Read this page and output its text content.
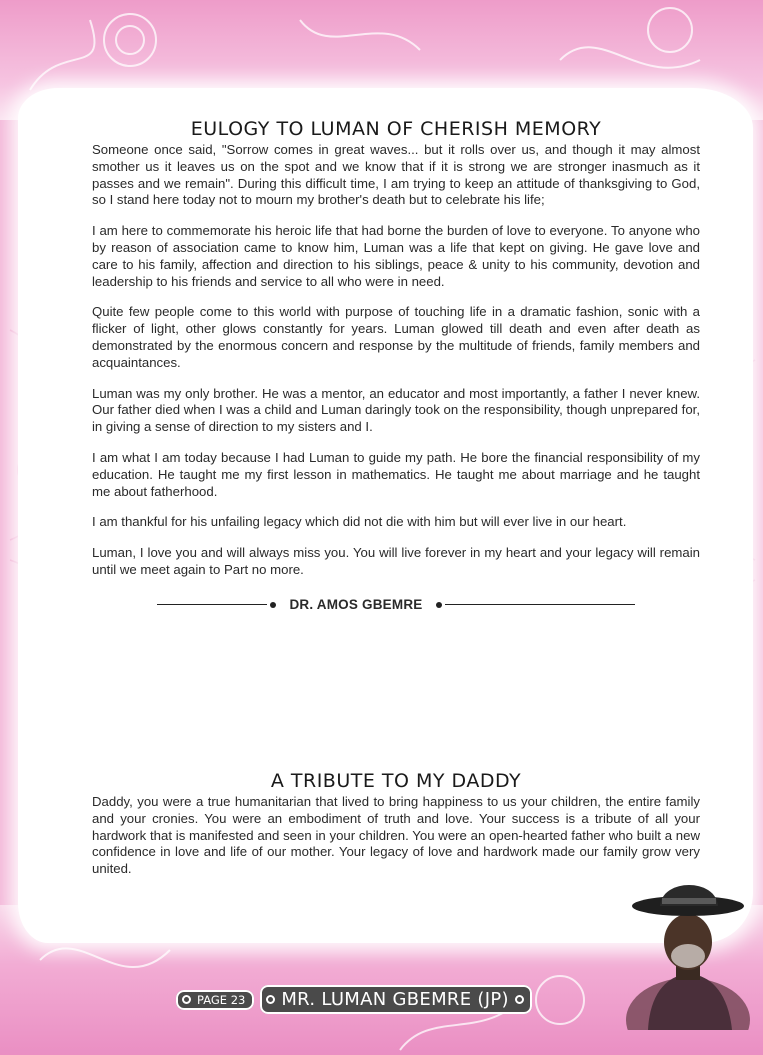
EULOGY TO LUMAN OF CHERISH MEMORY

Someone once said, "Sorrow comes in great waves... but it rolls over us, and though it may almost smother us it leaves us on the spot and we know that if it is strong we are stronger inasmuch as it passes and we remain". During this difficult time, I am trying to keep an attitude of thanksgiving to God, so I stand here today not to mourn my brother's death but to celebrate his life;

I am here to commemorate his heroic life that had borne the burden of love to everyone. To anyone who by reason of association came to know him, Luman was a life that kept on giving. He gave love and care to his family, affection and direction to his siblings, peace & unity to his community, devotion and leadership to his friends and service to all who were in need.

Quite few people come to this world with purpose of touching life in a dramatic fashion, sonic with a flicker of light, other glows constantly for years. Luman glowed till death and even after death as demonstrated by the enormous concern and response by the multitude of friends, family members and acquaintances.

Luman was my only brother. He was a mentor, an educator and most importantly, a father I never knew. Our father died when I was a child and Luman daringly took on the responsibility, though unprepared for, in giving a sense of direction to my sisters and I.

I am what I am today because I had Luman to guide my path. He bore the financial responsibility of my education. He taught me my first lesson in mathematics. He taught me about marriage and he taught me about fatherhood.

I am thankful for his unfailing legacy which did not die with him but will ever live in our heart.

Luman, I love you and will always miss you. You will live forever in my heart and your legacy will remain until we meet again to Part no more.

DR. AMOS GBEMRE
A TRIBUTE TO MY DADDY

Daddy, you were a true humanitarian that lived to bring happiness to us your children, the entire family and your cronies. You were an embodiment of truth and love. Your success is a tribute of all your hardwork that is manifested and seen in your children. You were an open-hearted father who built a new confidence in love and life of our mother. Your legacy of love and hardwork made our family grow very united.

PAGE 23 MR. LUMAN GBEMRE (JP)
